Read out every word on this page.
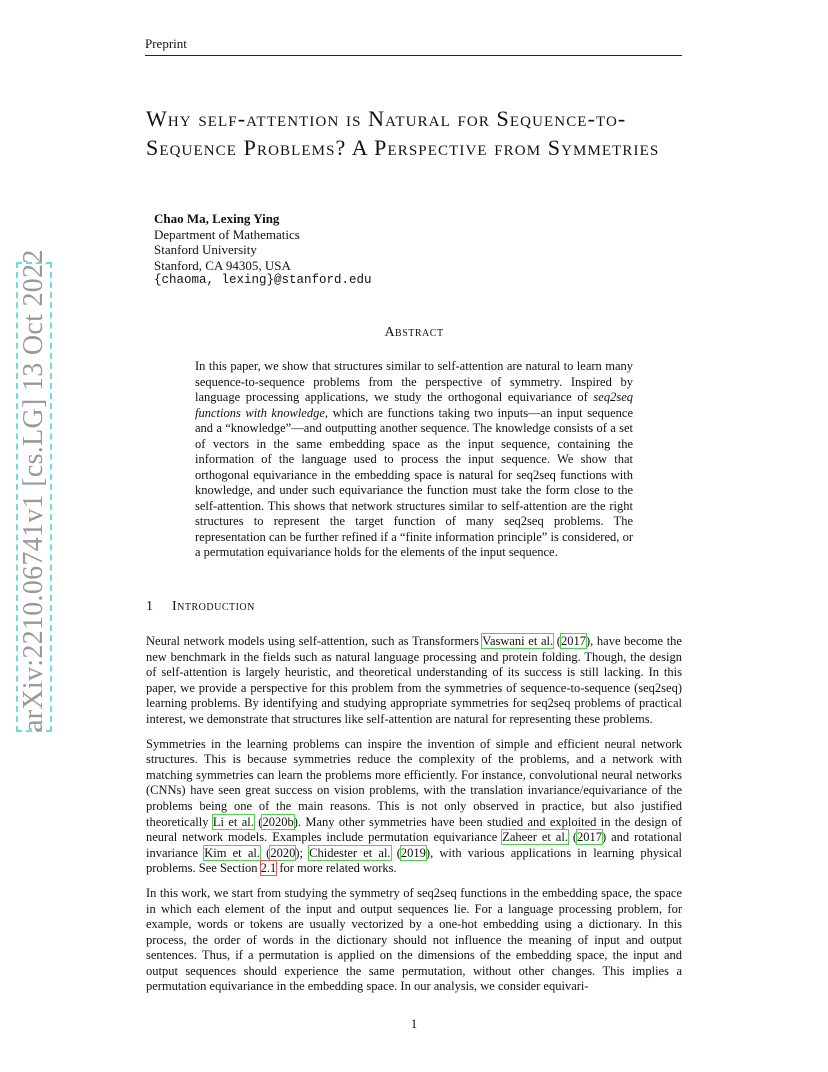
Preprint
arXiv:2210.06741v1 [cs.LG] 13 Oct 2022
Why self-attention is Natural for Sequence-to-Sequence Problems? A Perspective from Symmetries
Chao Ma, Lexing Ying
Department of Mathematics
Stanford University
Stanford, CA 94305, USA
{chaoma, lexing}@stanford.edu
Abstract
In this paper, we show that structures similar to self-attention are natural to learn many sequence-to-sequence problems from the perspective of symmetry. Inspired by language processing applications, we study the orthogonal equivariance of seq2seq functions with knowledge, which are functions taking two inputs—an input sequence and a “knowledge”—and outputting another sequence. The knowledge consists of a set of vectors in the same embedding space as the input sequence, containing the information of the language used to process the input sequence. We show that orthogonal equivariance in the embedding space is natural for seq2seq functions with knowledge, and under such equivariance the function must take the form close to the self-attention. This shows that network structures similar to self-attention are the right structures to represent the target function of many seq2seq problems. The representation can be further refined if a “finite information principle” is considered, or a permutation equivariance holds for the elements of the input sequence.
1 Introduction

Neural network models using self-attention, such as Transformers Vaswani et al. (2017), have become the new benchmark in the fields such as natural language processing and protein folding. Though, the design of self-attention is largely heuristic, and theoretical understanding of its success is still lacking. In this paper, we provide a perspective for this problem from the symmetries of sequence-to-sequence (seq2seq) learning problems. By identifying and studying appropriate symmetries for seq2seq problems of practical interest, we demonstrate that structures like self-attention are natural for representing these problems.

Symmetries in the learning problems can inspire the invention of simple and efficient neural network structures. This is because symmetries reduce the complexity of the problems, and a network with matching symmetries can learn the problems more efficiently. For instance, convolutional neural networks (CNNs) have seen great success on vision problems, with the translation invariance/equivariance of the problems being one of the main reasons. This is not only observed in practice, but also justified theoretically Li et al. (2020b). Many other symmetries have been studied and exploited in the design of neural network models. Examples include permutation equivariance Zaheer et al. (2017) and rotational invariance Kim et al. (2020); Chidester et al. (2019), with various applications in learning physical problems. See Section 2.1 for more related works.

In this work, we start from studying the symmetry of seq2seq functions in the embedding space, the space in which each element of the input and output sequences lie. For a language processing problem, for example, words or tokens are usually vectorized by a one-hot embedding using a dictionary. In this process, the order of words in the dictionary should not influence the meaning of input and output sentences. Thus, if a permutation is applied on the dimensions of the embedding space, the input and output sequences should experience the same permutation, without other changes. This implies a permutation equivariance in the embedding space. In our analysis, we consider equivari-

1
